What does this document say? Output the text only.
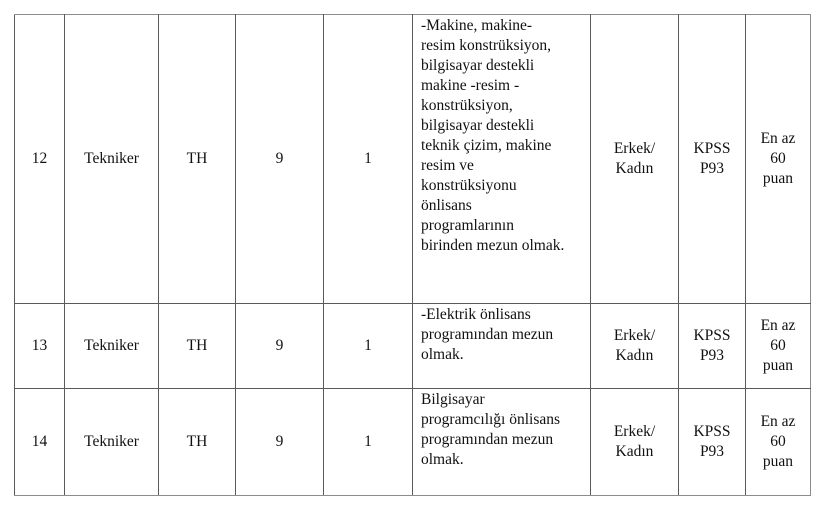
12	Tekniker	TH	9	1	
-Makine, makine-
resim konstrüksiyon,
bilgisayar destekli
makine -resim -
konstrüksiyon,
bilgisayar destekli
teknik çizim, makine
resim ve
konstrüksiyonu
önlisans
programlarının
birinden mezun olmak.

Erkek/
Kadın

KPSS
P93

En az
60
puan

13	Tekniker	TH	9	1	-Elektrik önlisans
programından mezun
olmak.	Erkek/
Kadın	KPSS
P93	En az
60
puan

14	Tekniker	TH	9	1	Bilgisayar
programcılığı önlisans
programından mezun
olmak.	Erkek/
Kadın	KPSS
P93	En az
60
puan
